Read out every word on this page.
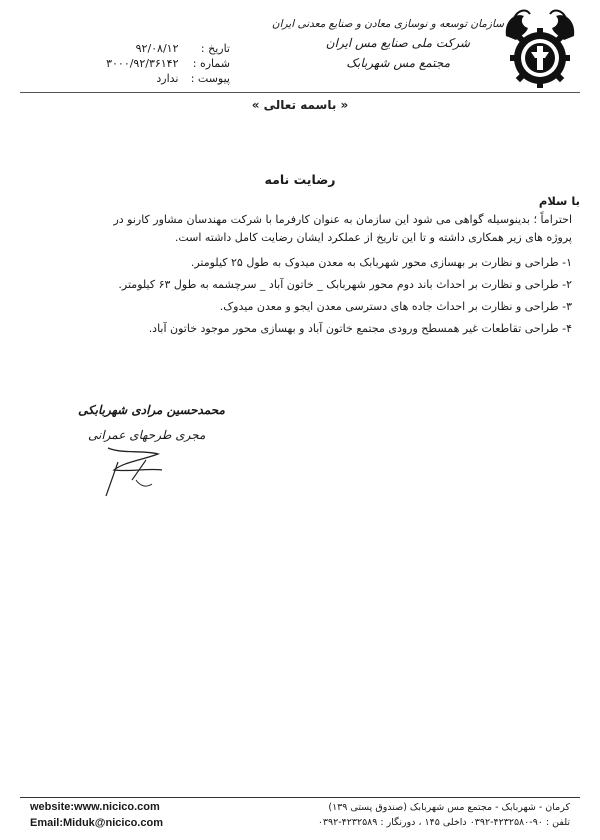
سازمان توسعه و نوسازی معادن و صنایع معدنی ایران
شرکت ملی صنایع مس ایران
مجتمع مس شهربابک
تاریخ : ۹۲/۰۸/۱۲
شماره : ۳۰۰۰/۹۲/۳۶۱۴۲
پیوست : ندارد
« باسمه تعالی »
رضایت نامه
با سلام
احتراماً ؛ بدینوسیله گواهی می شود این سازمان به عنوان کارفرما با شرکت مهندسان مشاور کارنو در
پروژه های زیر همکاری داشته و تا این تاریخ از عملکرد ایشان رضایت کامل داشته است.
۱- طراحی و نظارت بر بهسازی محور شهربابک به معدن میدوک به طول ۲۵ کیلومتر.
۲- طراحی و نظارت بر احداث باند دوم محور شهربابک _ خاتون آباد _ سرچشمه به طول ۶۳ کیلومتر.
۳- طراحی و نظارت بر احداث جاده های دسترسی معدن ایجو و معدن میدوک.
۴- طراحی تقاطعات غیر همسطح ورودی مجتمع خاتون آباد و بهسازی محور موجود خاتون آباد.
محمدحسین مرادی شهربابکی
مجری طرحهای عمرانی
website:www.nicico.com
Email:Miduk@nicico.com
کرمان - شهربابک - مجتمع مس شهربابک (صندوق پستی ۱۳۹)
تلفن : ۹۰-۴۲۳۲۵۸۰-۰۳۹۲ داخلی ۱۴۵ ، دورنگار : ۴۲۳۲۵۸۹-۰۳۹۲
